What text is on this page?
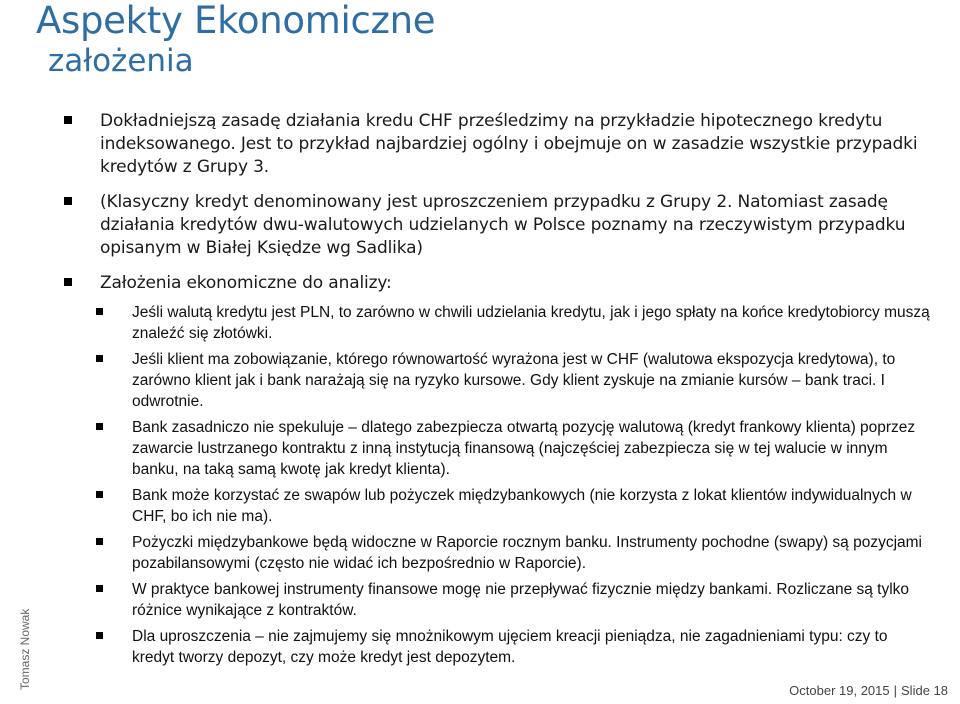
Aspekty Ekonomiczne
założenia
Dokładniejszą zasadę działania kredu CHF prześledzimy na przykładzie hipotecznego kredytu indeksowanego. Jest to przykład najbardziej ogólny i obejmuje on w zasadzie wszystkie przypadki kredytów z Grupy 3.
(Klasyczny kredyt denominowany jest uproszczeniem przypadku z Grupy 2. Natomiast zasadę działania kredytów dwu-walutowych udzielanych w Polsce poznamy na rzeczywistym przypadku opisanym w Białej Księdze wg Sadlika)
Założenia ekonomiczne do analizy:
Jeśli walutą kredytu jest PLN, to zarówno w chwili udzielania kredytu, jak i jego spłaty na końce kredytobiorcy muszą znaleźć się złotówki.
Jeśli klient ma zobowiązanie, którego równowartość wyrażona jest w CHF (walutowa ekspozycja kredytowa), to zarówno klient jak i bank narażają się na ryzyko kursowe. Gdy klient zyskuje na zmianie kursów – bank traci. I odwrotnie.
Bank zasadniczo nie spekuluje – dlatego zabezpiecza otwartą pozycję walutową (kredyt frankowy klienta) poprzez zawarcie lustrzanego kontraktu z inną instytucją finansową (najczęściej zabezpiecza się w tej walucie w innym banku, na taką samą kwotę jak kredyt klienta).
Bank może korzystać ze swapów lub pożyczek międzybankowych (nie korzysta z lokat klientów indywidualnych w CHF, bo ich nie ma).
Pożyczki międzybankowe będą widoczne w Raporcie rocznym banku. Instrumenty pochodne (swapy) są pozycjami pozabilansowymi (często nie widać ich bezpośrednio w Raporcie).
W praktyce bankowej instrumenty finansowe mogę nie przepływać fizycznie między bankami. Rozliczane są tylko różnice wynikające z kontraktów.
Dla uproszczenia – nie zajmujemy się mnożnikowym ujęciem kreacji pieniądza, nie zagadnieniami typu: czy to kredyt tworzy depozyt, czy może kredyt jest depozytem.
Tomasz Nowak
October 19, 2015 | Slide 18
